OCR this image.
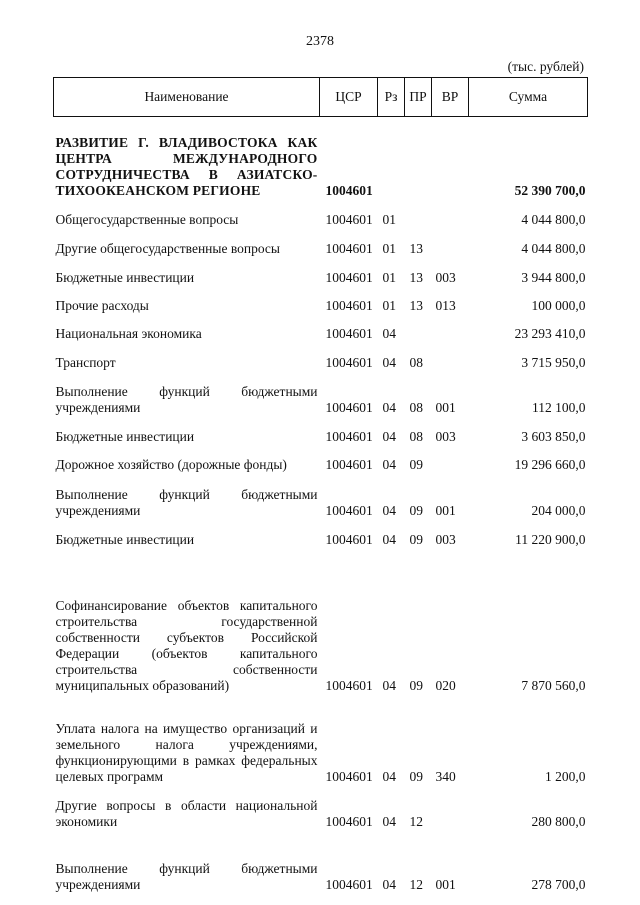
2378
(тыс. рублей)
Наименование	ЦСР	Рз	ПР	ВР	Сумма
РАЗВИТИЕ Г. ВЛАДИВОСТОКА КАК ЦЕНТРА МЕЖДУНАРОДНОГО СОТРУДНИЧЕСТВА В АЗИАТСКО-ТИХООКЕАНСКОМ РЕГИОНЕ	1004601				52 390 700,0
Общегосударственные вопросы	1004601	01			4 044 800,0
Другие общегосударственные вопросы	1004601	01	13		4 044 800,0
Бюджетные инвестиции	1004601	01	13	003	3 944 800,0
Прочие расходы	1004601	01	13	013	100 000,0
Национальная экономика	1004601	04			23 293 410,0
Транспорт	1004601	04	08		3 715 950,0
Выполнение функций бюджетными учреждениями	1004601	04	08	001	112 100,0
Бюджетные инвестиции	1004601	04	08	003	3 603 850,0
Дорожное хозяйство (дорожные фонды)	1004601	04	09		19 296 660,0
Выполнение функций бюджетными учреждениями	1004601	04	09	001	204 000,0
Бюджетные инвестиции	1004601	04	09	003	11 220 900,0
Софинансирование объектов капитального строительства государственной собственности субъектов Российской Федерации (объектов капитального строительства собственности муниципальных образований)	1004601	04	09	020	7 870 560,0
Уплата налога на имущество организаций и земельного налога учреждениями, функционирующими в рамках федеральных целевых программ	1004601	04	09	340	1 200,0
Другие вопросы в области национальной экономики	1004601	04	12		280 800,0
Выполнение функций бюджетными учреждениями	1004601	04	12	001	278 700,0
